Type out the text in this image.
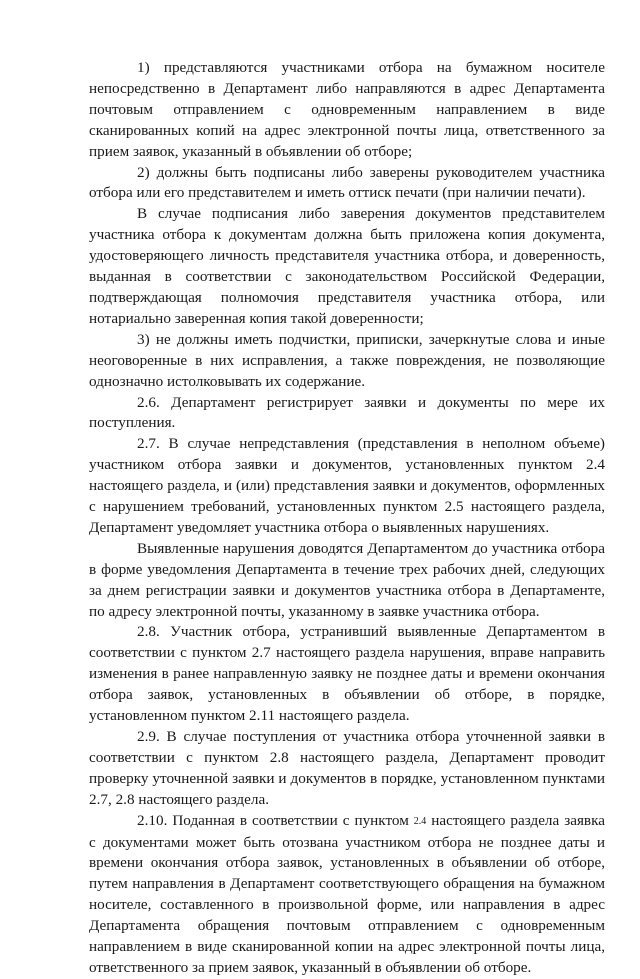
1) представляются участниками отбора на бумажном носителе непосредственно в Департамент либо направляются в адрес Департамента почтовым отправлением с одновременным направлением в виде сканированных копий на адрес электронной почты лица, ответственного за прием заявок, указанный в объявлении об отборе;

2) должны быть подписаны либо заверены руководителем участника отбора или его представителем и иметь оттиск печати (при наличии печати).

В случае подписания либо заверения документов представителем участника отбора к документам должна быть приложена копия документа, удостоверяющего личность представителя участника отбора, и доверенность, выданная в соответствии с законодательством Российской Федерации, подтверждающая полномочия представителя участника отбора, или нотариально заверенная копия такой доверенности;

3) не должны иметь подчистки, приписки, зачеркнутые слова и иные неоговоренные в них исправления, а также повреждения, не позволяющие однозначно истолковывать их содержание.

2.6. Департамент регистрирует заявки и документы по мере их поступления.

2.7. В случае непредставления (представления в неполном объеме) участником отбора заявки и документов, установленных пунктом 2.4 настоящего раздела, и (или) представления заявки и документов, оформленных с нарушением требований, установленных пунктом 2.5 настоящего раздела, Департамент уведомляет участника отбора о выявленных нарушениях.

Выявленные нарушения доводятся Департаментом до участника отбора в форме уведомления Департамента в течение трех рабочих дней, следующих за днем регистрации заявки и документов участника отбора в Департаменте, по адресу электронной почты, указанному в заявке участника отбора.

2.8. Участник отбора, устранивший выявленные Департаментом в соответствии с пунктом 2.7 настоящего раздела нарушения, вправе направить изменения в ранее направленную заявку не позднее даты и времени окончания отбора заявок, установленных в объявлении об отборе, в порядке, установленном пунктом 2.11 настоящего раздела.

2.9. В случае поступления от участника отбора уточненной заявки в соответствии с пунктом 2.8 настоящего раздела, Департамент проводит проверку уточненной заявки и документов в порядке, установленном пунктами 2.7, 2.8 настоящего раздела.

2.10. Поданная в соответствии с пунктом 2.4 настоящего раздела заявка с документами может быть отозвана участником отбора не позднее даты и времени окончания отбора заявок, установленных в объявлении об отборе, путем направления в Департамент соответствующего обращения на бумажном носителе, составленного в произвольной форме, или направления в адрес Департамента обращения почтовым отправлением с одновременным направлением в виде сканированной копии на адрес электронной почты лица, ответственного за прием заявок, указанный в объявлении об отборе.
